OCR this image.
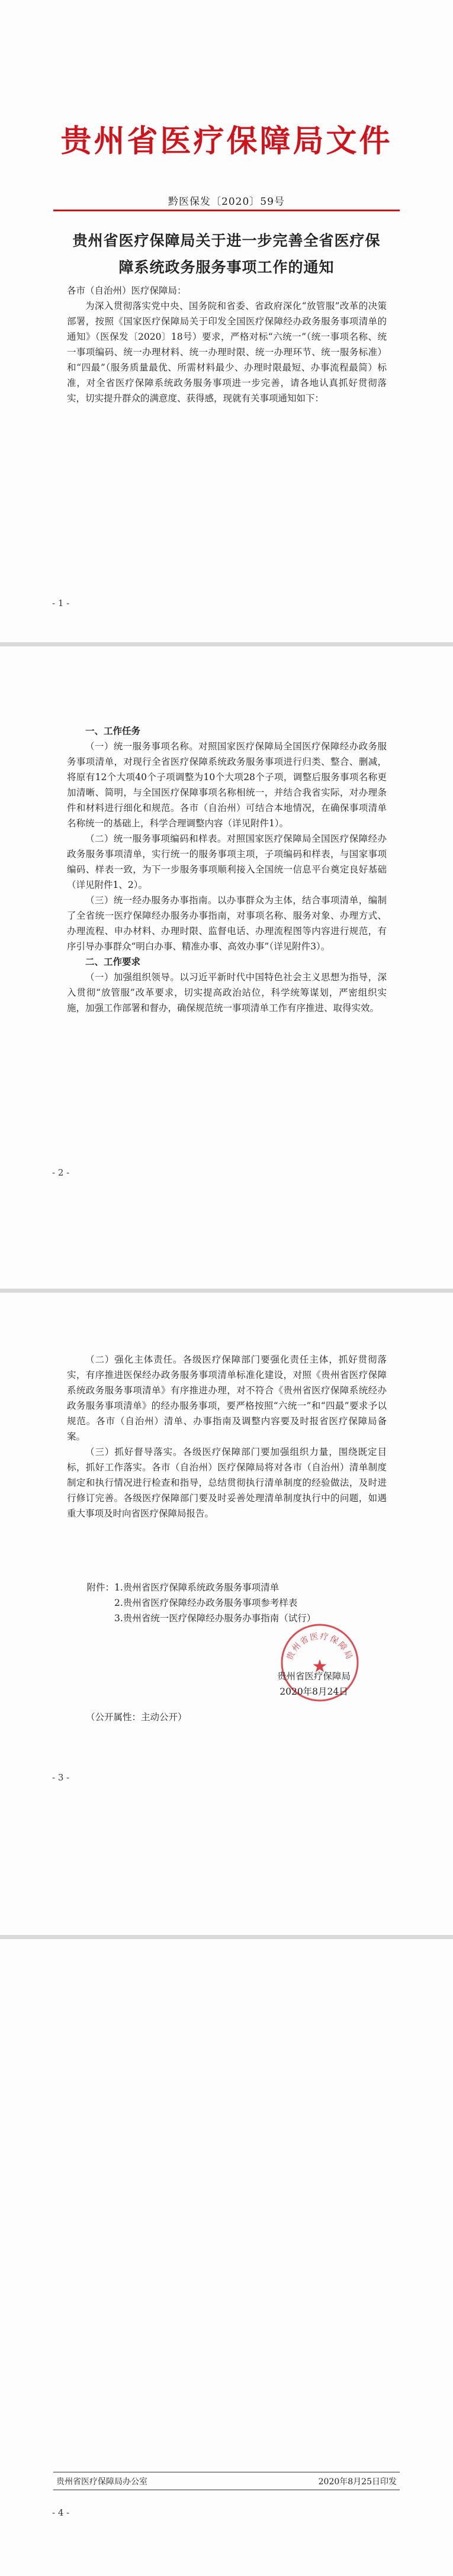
贵州省医疗保障局文件
黔医保发〔2020〕59号
贵州省医疗保障局关于进一步完善全省医疗保障系统政务服务事项工作的通知

各市（自治州）医疗保障局：

为深入贯彻落实党中央、国务院和省委、省政府深化“放管服”改革的决策部署，按照《国家医疗保障局关于印发全国医疗保障经办政务服务事项清单的通知》（医保发〔2020〕18号）要求，严格对标“六统一”（统一事项名称、统一事项编码、统一办理材料、统一办理时限、统一办理环节、统一服务标准）和“四最”（服务质量最优、所需材料最少、办理时限最短、办事流程最简）标准，对全省医疗保障系统政务服务事项进一步完善，请各地认真抓好贯彻落实，切实提升群众的满意度、获得感，现就有关事项通知如下：

- 1 -

一、工作任务

（一）统一服务事项名称。对照国家医疗保障局全国医疗保障经办政务服务事项清单，对现行全省医疗保障系统政务服务事项进行归类、整合、删减，将原有12个大项40个子项调整为10个大项28个子项，调整后服务事项名称更加清晰、简明，与全国医疗保障事项名称相统一，并结合我省实际，对办理条件和材料进行细化和规范。各市（自治州）可结合本地情况，在确保事项清单名称统一的基础上，科学合理调整内容（详见附件1）。

（二）统一服务事项编码和样表。对照国家医疗保障局全国医疗保障经办政务服务事项清单，实行统一的服务事项主项，子项编码和样表，与国家事项编码、样表一致，为下一步服务事项顺利接入全国统一信息平台奠定良好基础（详见附件1、2）。

（三）统一经办服务办事指南。以办事群众为主体，结合事项清单，编制了全省统一医疗保障经办服务办事指南，对事项名称、服务对象、办理方式、办理流程、申办材料、办理时限、监督电话、办理流程图等内容进行规范，有序引导办事群众“明白办事、精准办事、高效办事”（详见附件3）。

二、工作要求

（一）加强组织领导。以习近平新时代中国特色社会主义思想为指导，深入贯彻“放管服”改革要求，切实提高政治站位，科学统筹谋划，严密组织实施，加强工作部署和督办，确保规范统一事项清单工作有序推进、取得实效。

- 2 -

（二）强化主体责任。各级医疗保障部门要强化责任主体，抓好贯彻落实，有序推进医保经办政务服务事项清单标准化建设，对照《贵州省医疗保障系统政务服务事项清单》有序推进办理，对不符合《贵州省医疗保障系统经办政务服务事项清单》的经办服务事项，要严格按照“六统一”和“四最”要求予以规范。各市（自治州）清单、办事指南及调整内容要及时报省医疗保障局备案。

（三）抓好督导落实。各级医疗保障部门要加强组织力量，围绕既定目标，抓好工作落实。各市（自治州）医疗保障局将对各市（自治州）清单制度制定和执行情况进行检查和指导，总结贯彻执行清单制度的经验做法，及时进行修订完善。各级医疗保障部门要及时妥善处理清单制度执行中的问题，如遇重大事项及时向省医疗保障局报告。

附件：1.贵州省医疗保障系统政务服务事项清单
2.贵州省医疗保障经办政务服务事项参考样表
3.贵州省统一医疗保障经办服务办事指南（试行）
贵州省医疗保障局
★
贵州省医疗保障局
2020年8月24日
（公开属性：主动公开）
- 3 -
贵州省医疗保障局办公室	2020年8月25日印发
- 4 -
